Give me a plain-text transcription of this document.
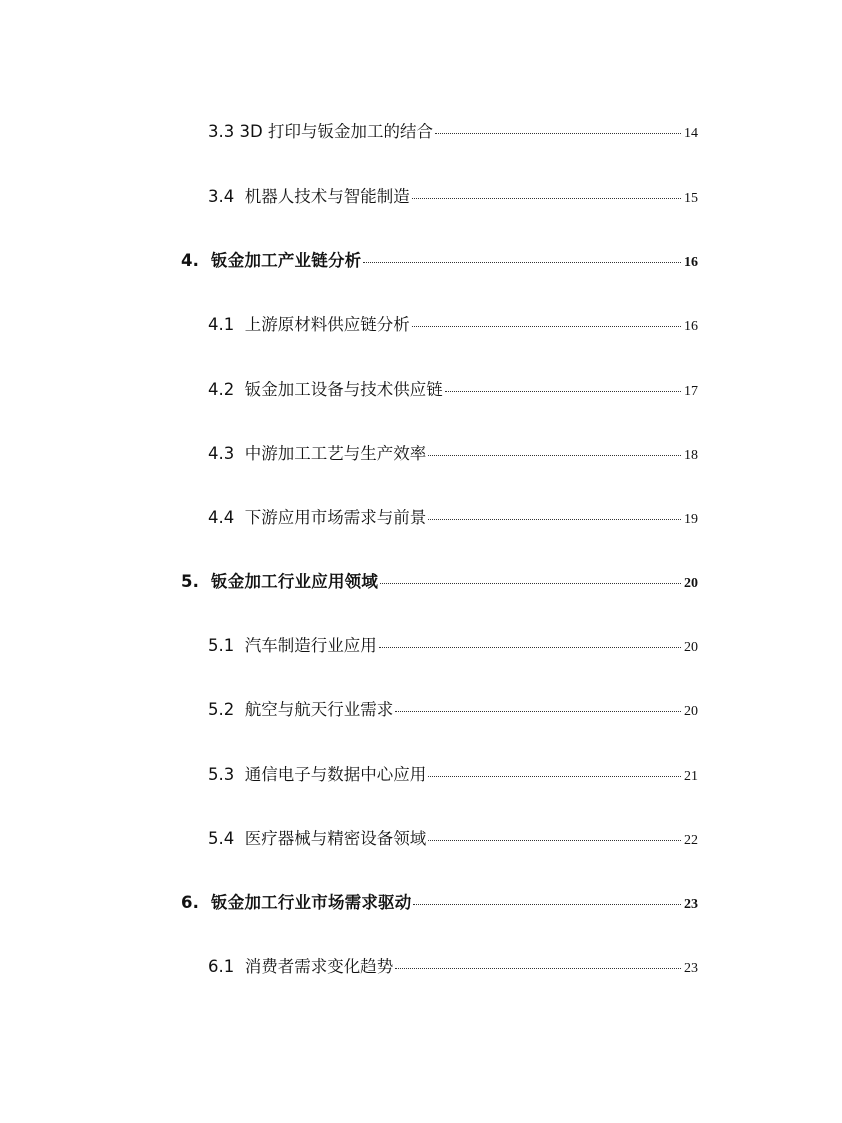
3.3 3D 打印与钣金加工的结合	14
3.4 机器人技术与智能制造	15
4. 钣金加工产业链分析	16
4.1 上游原材料供应链分析	16
4.2 钣金加工设备与技术供应链	17
4.3 中游加工工艺与生产效率	18
4.4 下游应用市场需求与前景	19
5. 钣金加工行业应用领域	20
5.1 汽车制造行业应用	20
5.2 航空与航天行业需求	20
5.3 通信电子与数据中心应用	21
5.4 医疗器械与精密设备领域	22
6. 钣金加工行业市场需求驱动	23
6.1 消费者需求变化趋势	23
